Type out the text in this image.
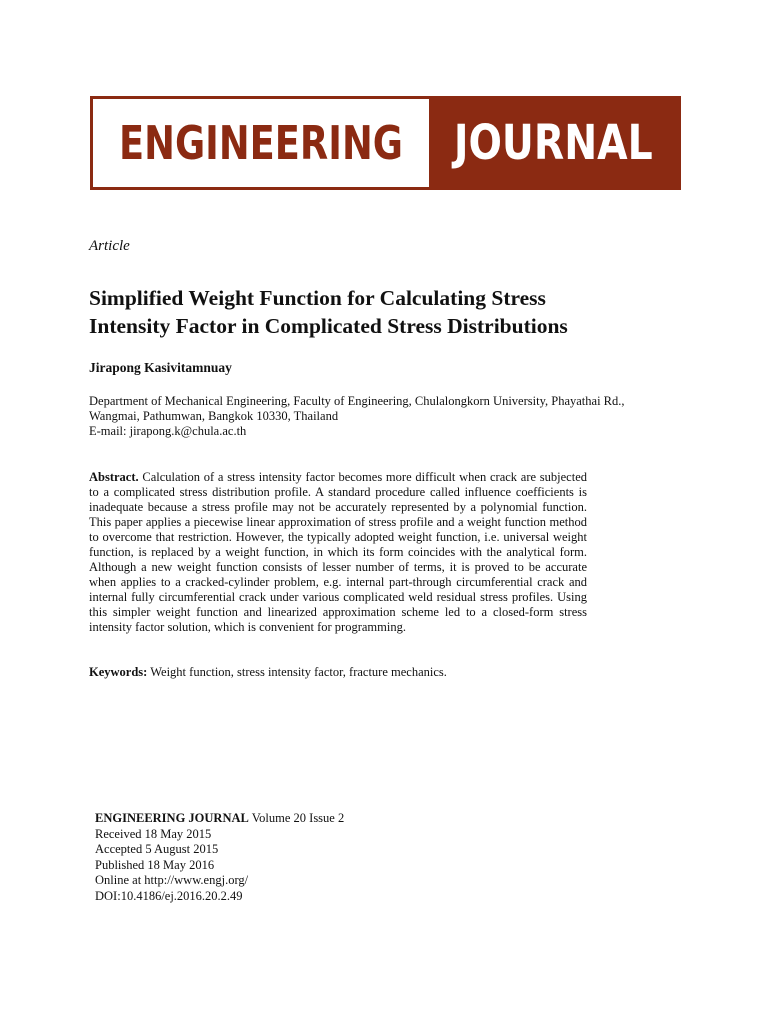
ENGINEERING JOURNAL
Article
Simplified Weight Function for Calculating Stress
Intensity Factor in Complicated Stress Distributions
Jirapong Kasivitamnuay
Department of Mechanical Engineering, Faculty of Engineering, Chulalongkorn University, Phayathai Rd.,
Wangmai, Pathumwan, Bangkok 10330, Thailand
E-mail: jirapong.k@chula.ac.th

Abstract. Calculation of a stress intensity factor becomes more difficult when crack are subjected to a complicated stress distribution profile. A standard procedure called influence coefficients is inadequate because a stress profile may not be accurately represented by a polynomial function. This paper applies a piecewise linear approximation of stress profile and a weight function method to overcome that restriction. However, the typically adopted weight function, i.e. universal weight function, is replaced by a weight function, in which its form coincides with the analytical form. Although a new weight function consists of lesser number of terms, it is proved to be accurate when applies to a cracked-cylinder problem, e.g. internal part-through circumferential crack and internal fully circumferential crack under various complicated weld residual stress profiles. Using this simpler weight function and linearized approximation scheme led to a closed-form stress intensity factor solution, which is convenient for programming.

Keywords: Weight function, stress intensity factor, fracture mechanics.
ENGINEERING JOURNAL Volume 20 Issue 2
Received 18 May 2015
Accepted 5 August 2015
Published 18 May 2016
Online at http://www.engj.org/
DOI:10.4186/ej.2016.20.2.49
